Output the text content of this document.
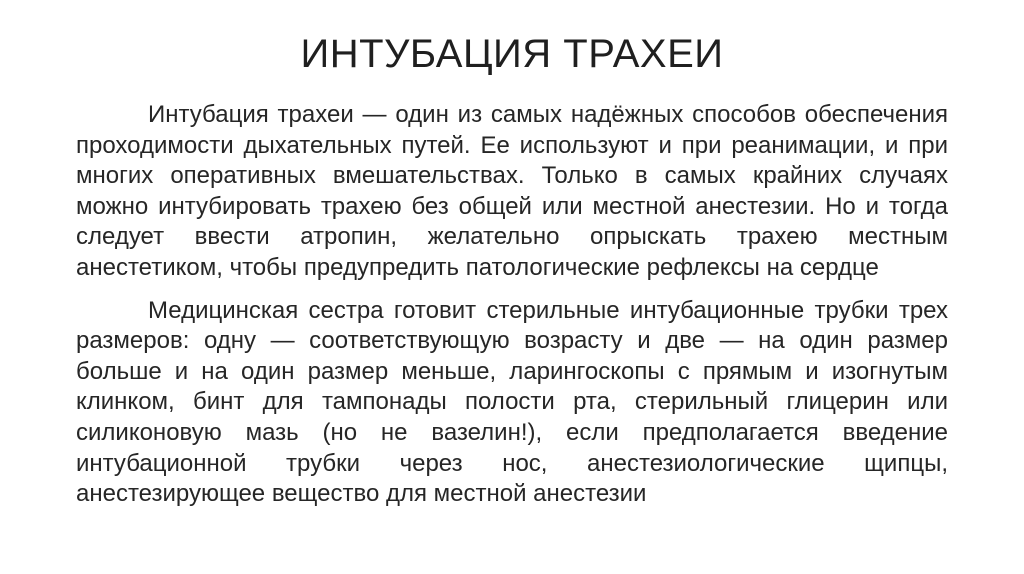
ИНТУБАЦИЯ ТРАХЕИ

Интубация трахеи — один из самых надёжных способов обеспечения проходимости дыхательных путей. Ее используют и при реанимации, и при многих оперативных вмешательствах. Только в самых крайних случаях можно интубировать трахею без общей или местной анестезии. Но и тогда следует ввести атропин, желательно опрыскать трахею местным анестетиком, чтобы предупредить патологические рефлексы на сердце

Медицинская сестра готовит стерильные интубационные трубки трех размеров: одну — соответствующую возрасту и две — на один размер больше и на один размер меньше, ларингоскопы с прямым и изогнутым клинком, бинт для тампонады полости рта, стерильный глицерин или силиконовую мазь (но не вазелин!), если предполагается введение интубационной трубки через нос, анестезиологические щипцы, анестезирующее вещество для местной анестезии
